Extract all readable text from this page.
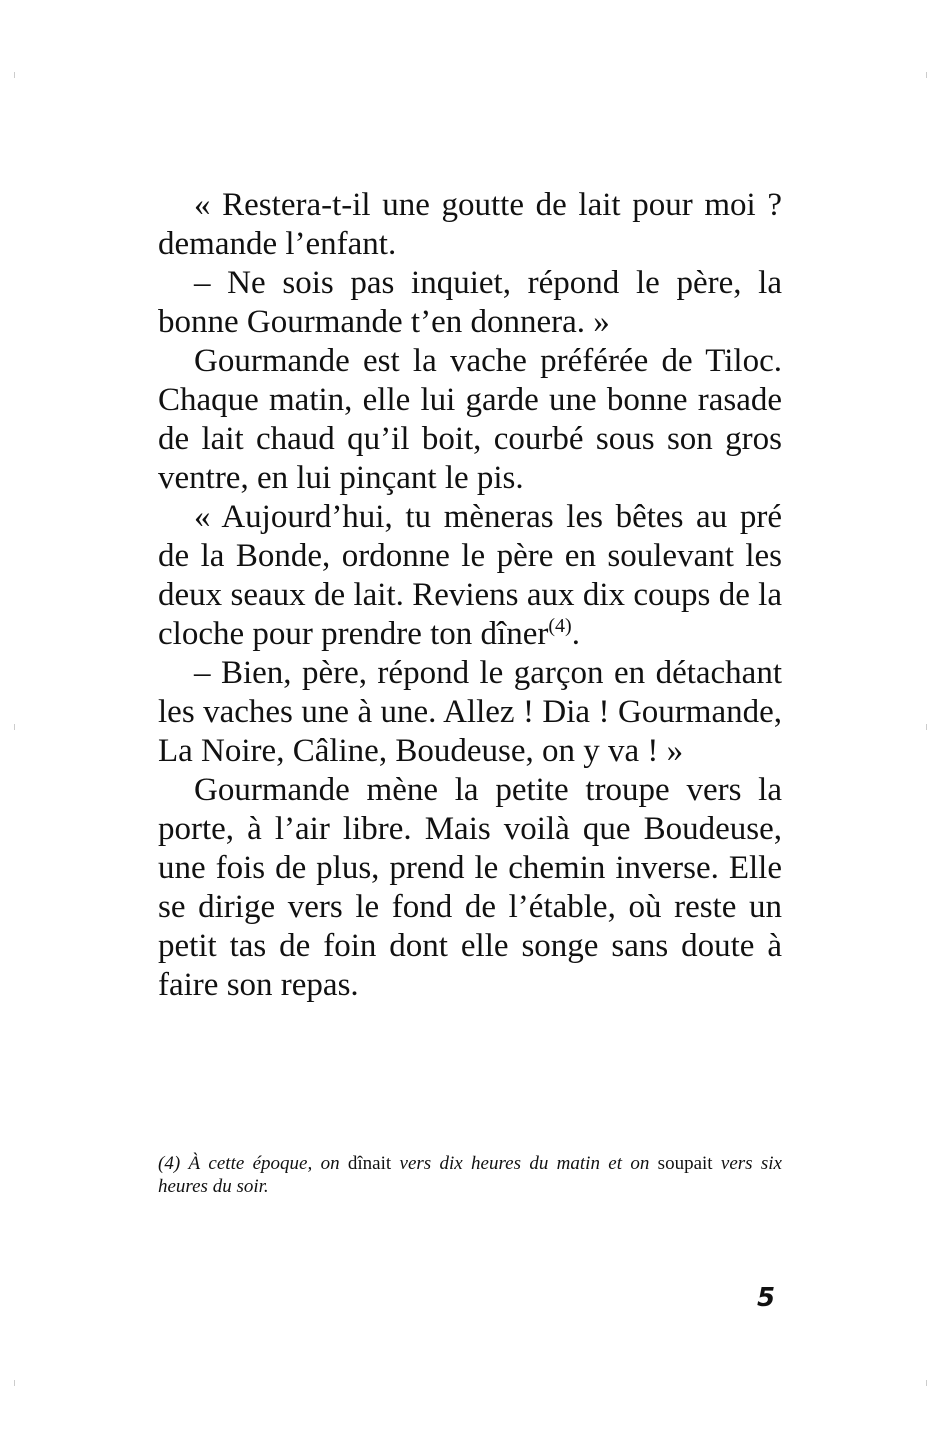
« Restera-t-il une goutte de lait pour moi ? demande l’enfant.

– Ne sois pas inquiet, répond le père, la bonne Gourmande t’en donnera. »

Gourmande est la vache préférée de Tiloc. Chaque matin, elle lui garde une bonne rasade de lait chaud qu’il boit, courbé sous son gros ventre, en lui pinçant le pis.

« Aujourd’hui, tu mèneras les bêtes au pré de la Bonde, ordonne le père en soulevant les deux seaux de lait. Reviens aux dix coups de la cloche pour prendre ton dîner$^{(4)}$.

– Bien, père, répond le garçon en détachant les vaches une à une. Allez ! Dia ! Gourmande, La Noire, Câline, Boudeuse, on y va ! »

Gourmande mène la petite troupe vers la porte, à l’air libre. Mais voilà que Boudeuse, une fois de plus, prend le chemin inverse. Elle se dirige vers le fond de l’étable, où reste un petit tas de foin dont elle songe sans doute à faire son repas.

(4) À cette époque, on dînait vers dix heures du matin et on soupait vers six heures du soir.
5
